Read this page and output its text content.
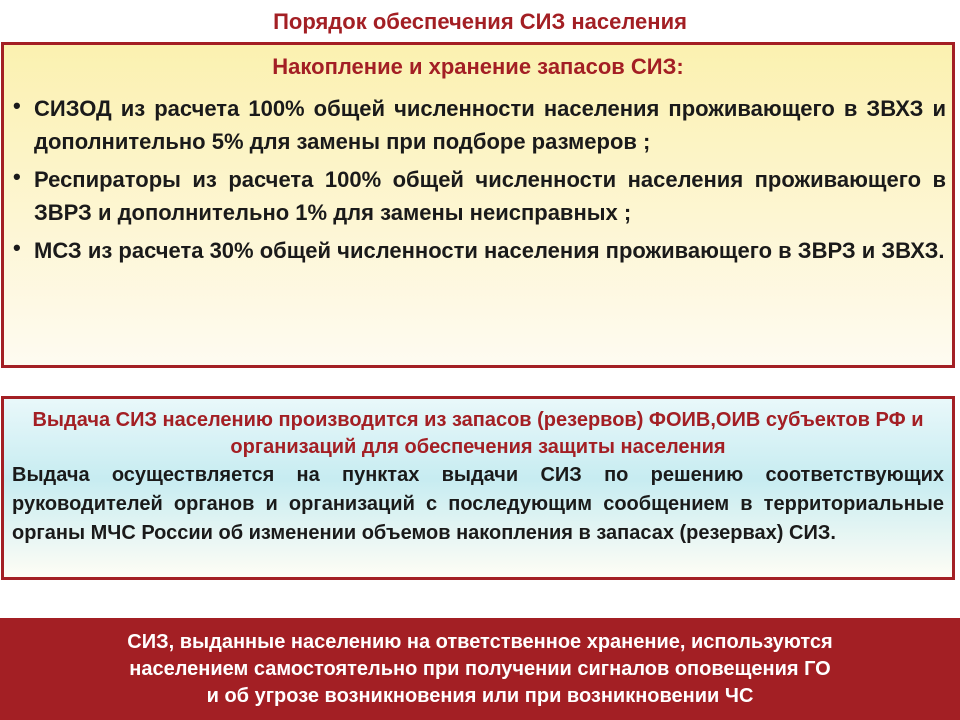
Порядок обеспечения СИЗ населения
Накопление и хранение запасов СИЗ:
• СИЗОД из расчета 100% общей численности населения проживающего в ЗВХЗ и дополнительно 5% для замены при подборе размеров ;
• Респираторы из расчета 100% общей численности населения проживающего в ЗВРЗ и дополнительно 1% для замены неисправных ;
• МСЗ из расчета 30% общей численности населения проживающего в ЗВРЗ и ЗВХЗ.
Выдача СИЗ населению производится из запасов (резервов) ФОИВ,ОИВ субъектов РФ и организаций для обеспечения защиты населения
Выдача осуществляется на пунктах выдачи СИЗ по решению соответствующих руководителей органов и организаций с последующим сообщением в территориальные органы МЧС России об изменении объемов накопления в запасах (резервах) СИЗ.
СИЗ, выданные населению на ответственное хранение, используются
населением самостоятельно при получении сигналов оповещения ГО
и об угрозе возникновения или при возникновении ЧС
